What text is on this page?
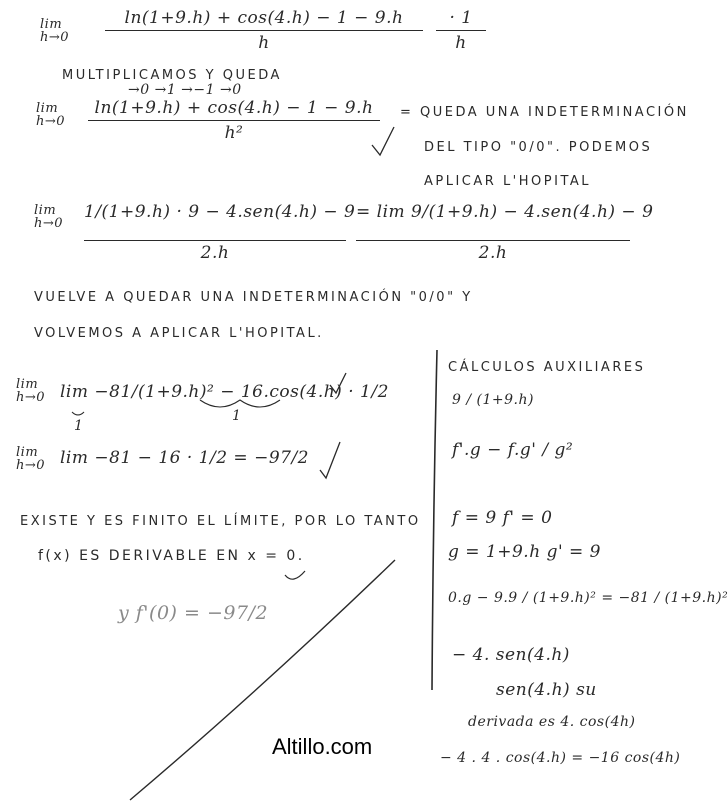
lim
h→0
ln(1+9.h) + cos(4.h) − 1 − 9.h
h
· 1
h
MULTIPLICAMOS Y QUEDA
→0 →1 →−1 →0
lim
h→0
ln(1+9.h) + cos(4.h) − 1 − 9.h
h²
= QUEDA UNA INDETERMINACIÓN
DEL TIPO "0/0". PODEMOS
APLICAR L'HOPITAL
lim
h→0
1/(1+9.h) · 9 − 4.sen(4.h) − 9
2.h
= lim 9/(1+9.h) − 4.sen(4.h) − 9
2.h
VUELVE A QUEDAR UNA INDETERMINACIÓN "0/0" Y
VOLVEMOS A APLICAR L'HOPITAL.
lim
h→0 lim −81/(1+9.h)² − 16.cos(4.h) · 1/2
1
1
lim
h→0 lim −81 − 16 · 1/2 = −97/2
EXISTE Y ES FINITO EL LÍMITE, POR LO TANTO
f(x) ES DERIVABLE EN x = 0.
y f'(0) = −97/2
CÁLCULOS AUXILIARES
9 / (1+9.h)
f'.g − f.g' / g²
f = 9 f' = 0
g = 1+9.h g' = 9
0.g − 9.9 / (1+9.h)² = −81 / (1+9.h)²
− 4. sen(4.h)
sen(4.h) su
derivada es 4. cos(4h)
− 4 . 4 . cos(4.h) = −16 cos(4h)
Altillo.com
